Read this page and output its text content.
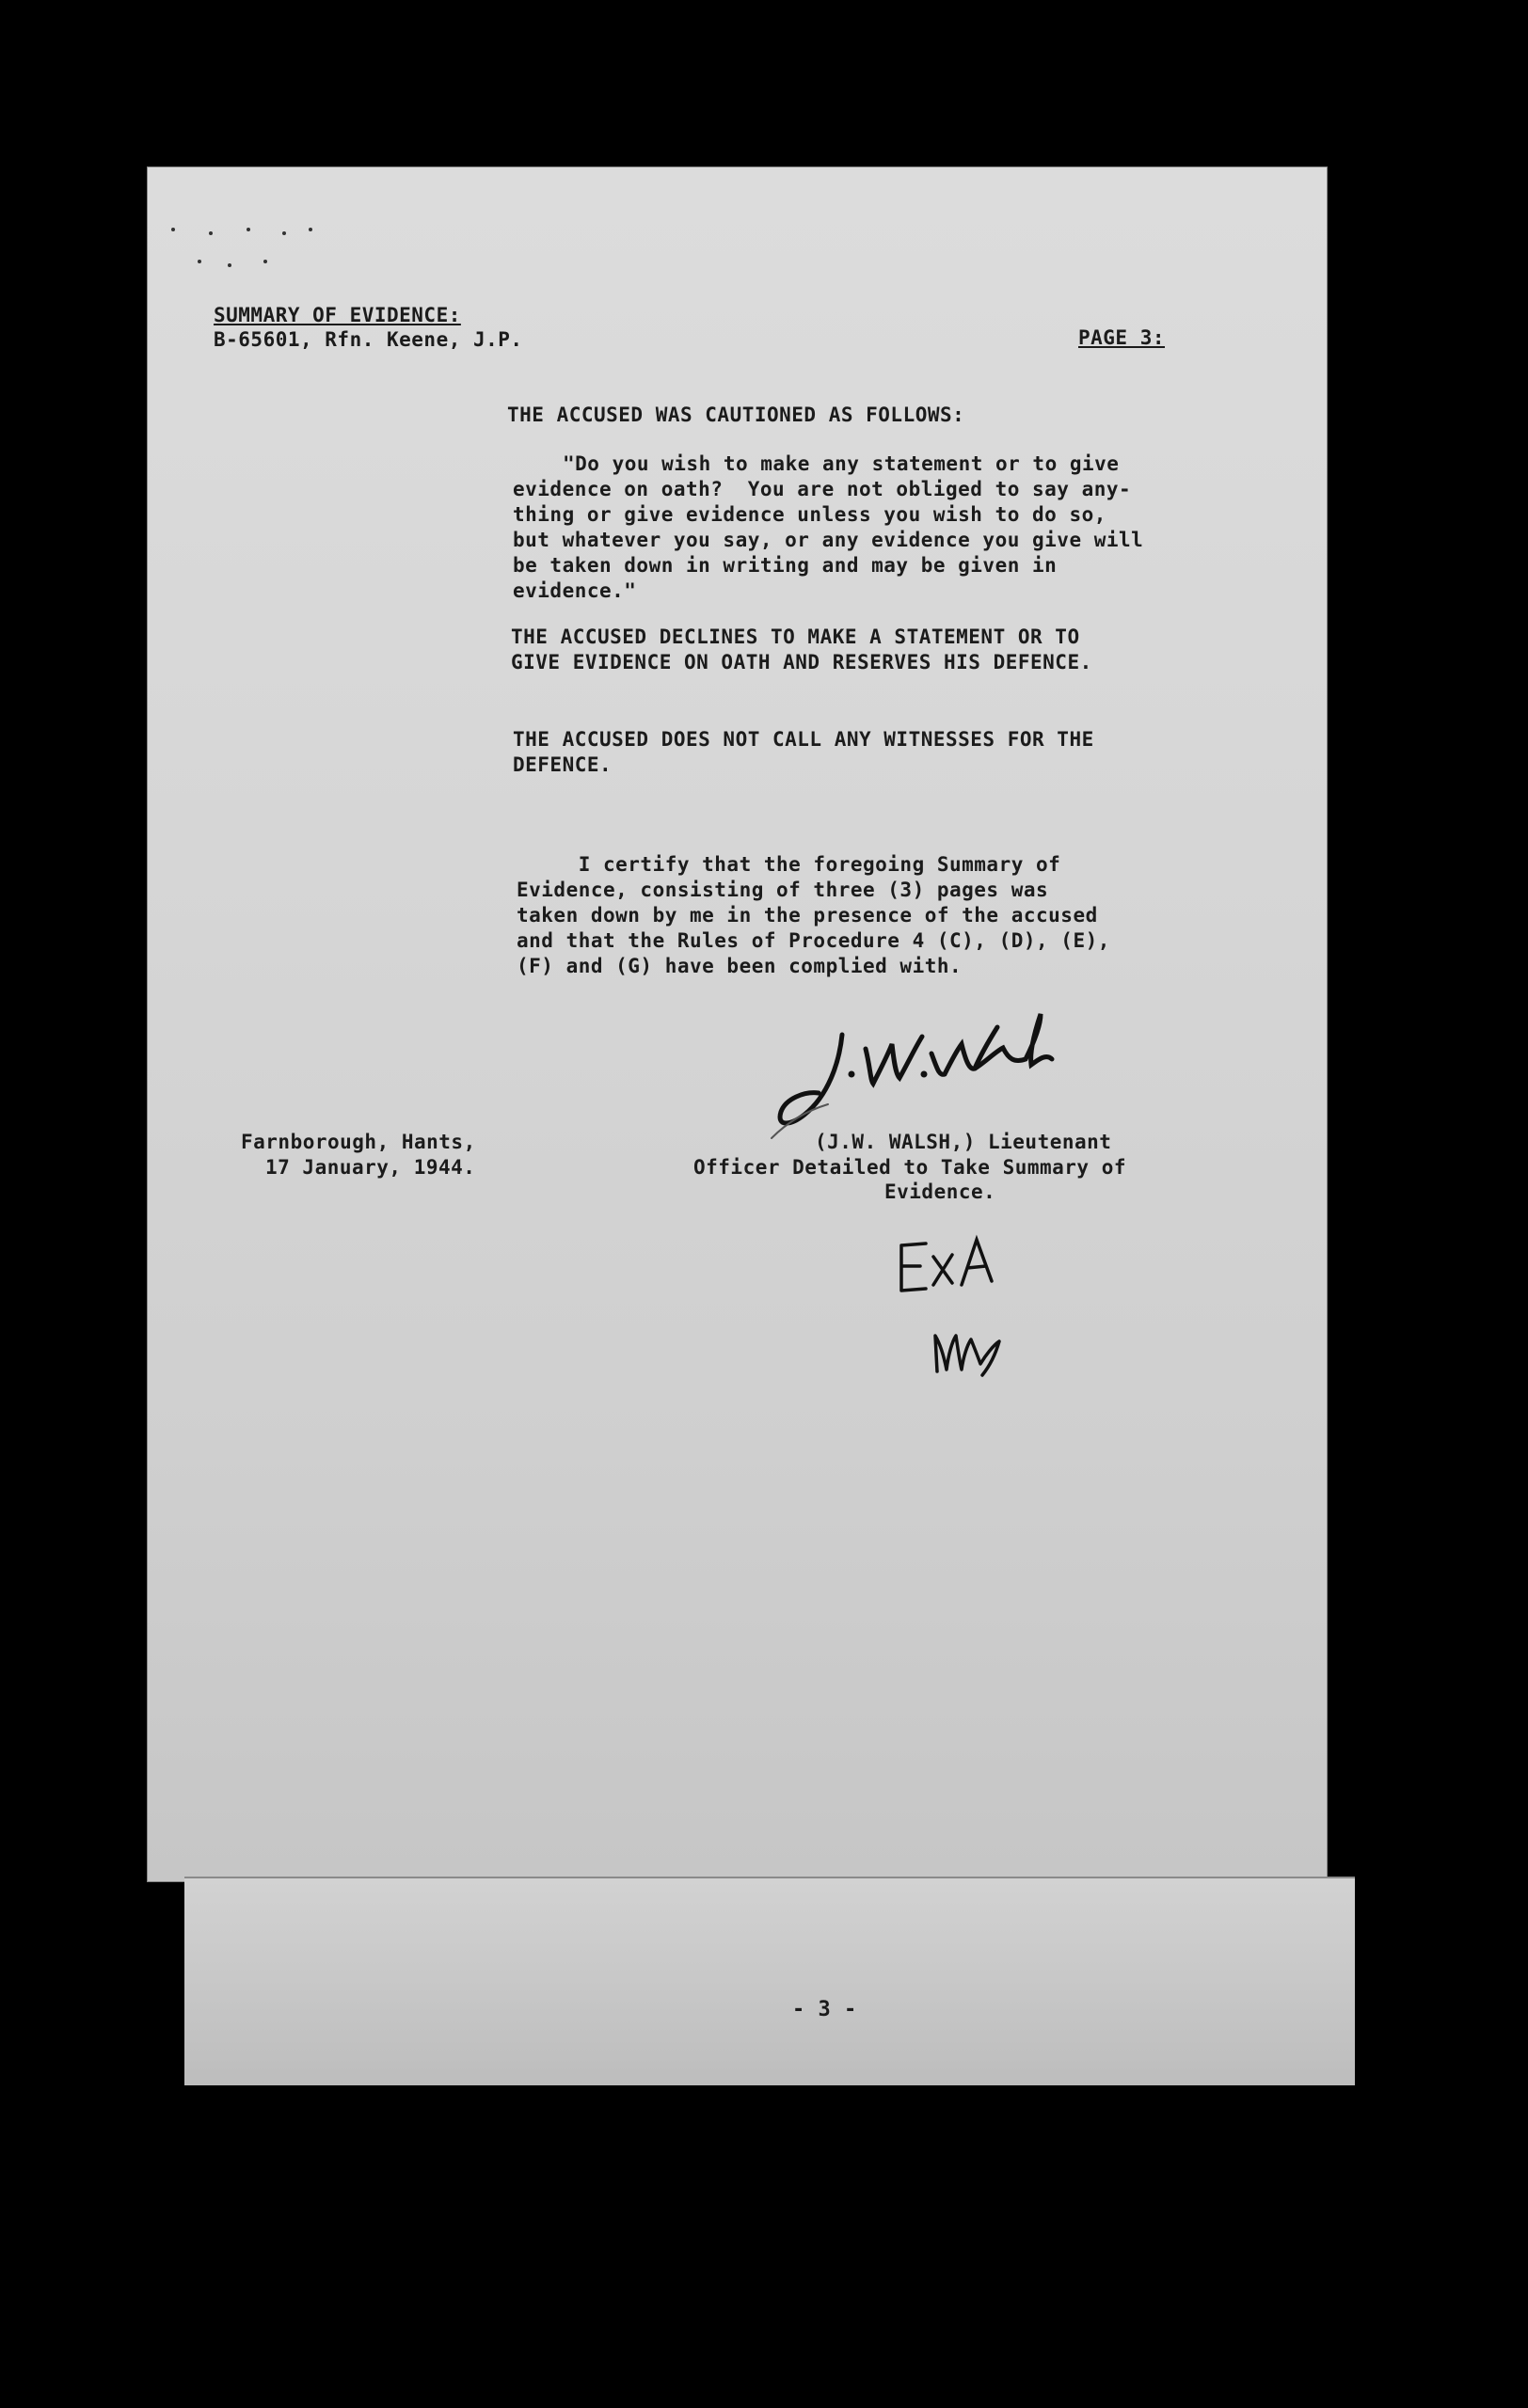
SUMMARY OF EVIDENCE:
B-65601, Rfn. Keene, J.P.	PAGE 3:
THE ACCUSED WAS CAUTIONED AS FOLLOWS:
"Do you wish to make any statement or to give
evidence on oath?  You are not obliged to say any-
thing or give evidence unless you wish to do so,
but whatever you say, or any evidence you give will
be taken down in writing and may be given in
evidence."
THE ACCUSED DECLINES TO MAKE A STATEMENT OR TO
GIVE EVIDENCE ON OATH AND RESERVES HIS DEFENCE.
THE ACCUSED DOES NOT CALL ANY WITNESSES FOR THE
DEFENCE.
I certify that the foregoing Summary of
Evidence, consisting of three (3) pages was
taken down by me in the presence of the accused
and that the Rules of Procedure 4 (C), (D), (E),
(F) and (G) have been complied with.
Farnborough, Hants,
17 January, 1944.
(J.W. WALSH,) Lieutenant
Officer Detailed to Take Summary of
Evidence.
- 3 -
